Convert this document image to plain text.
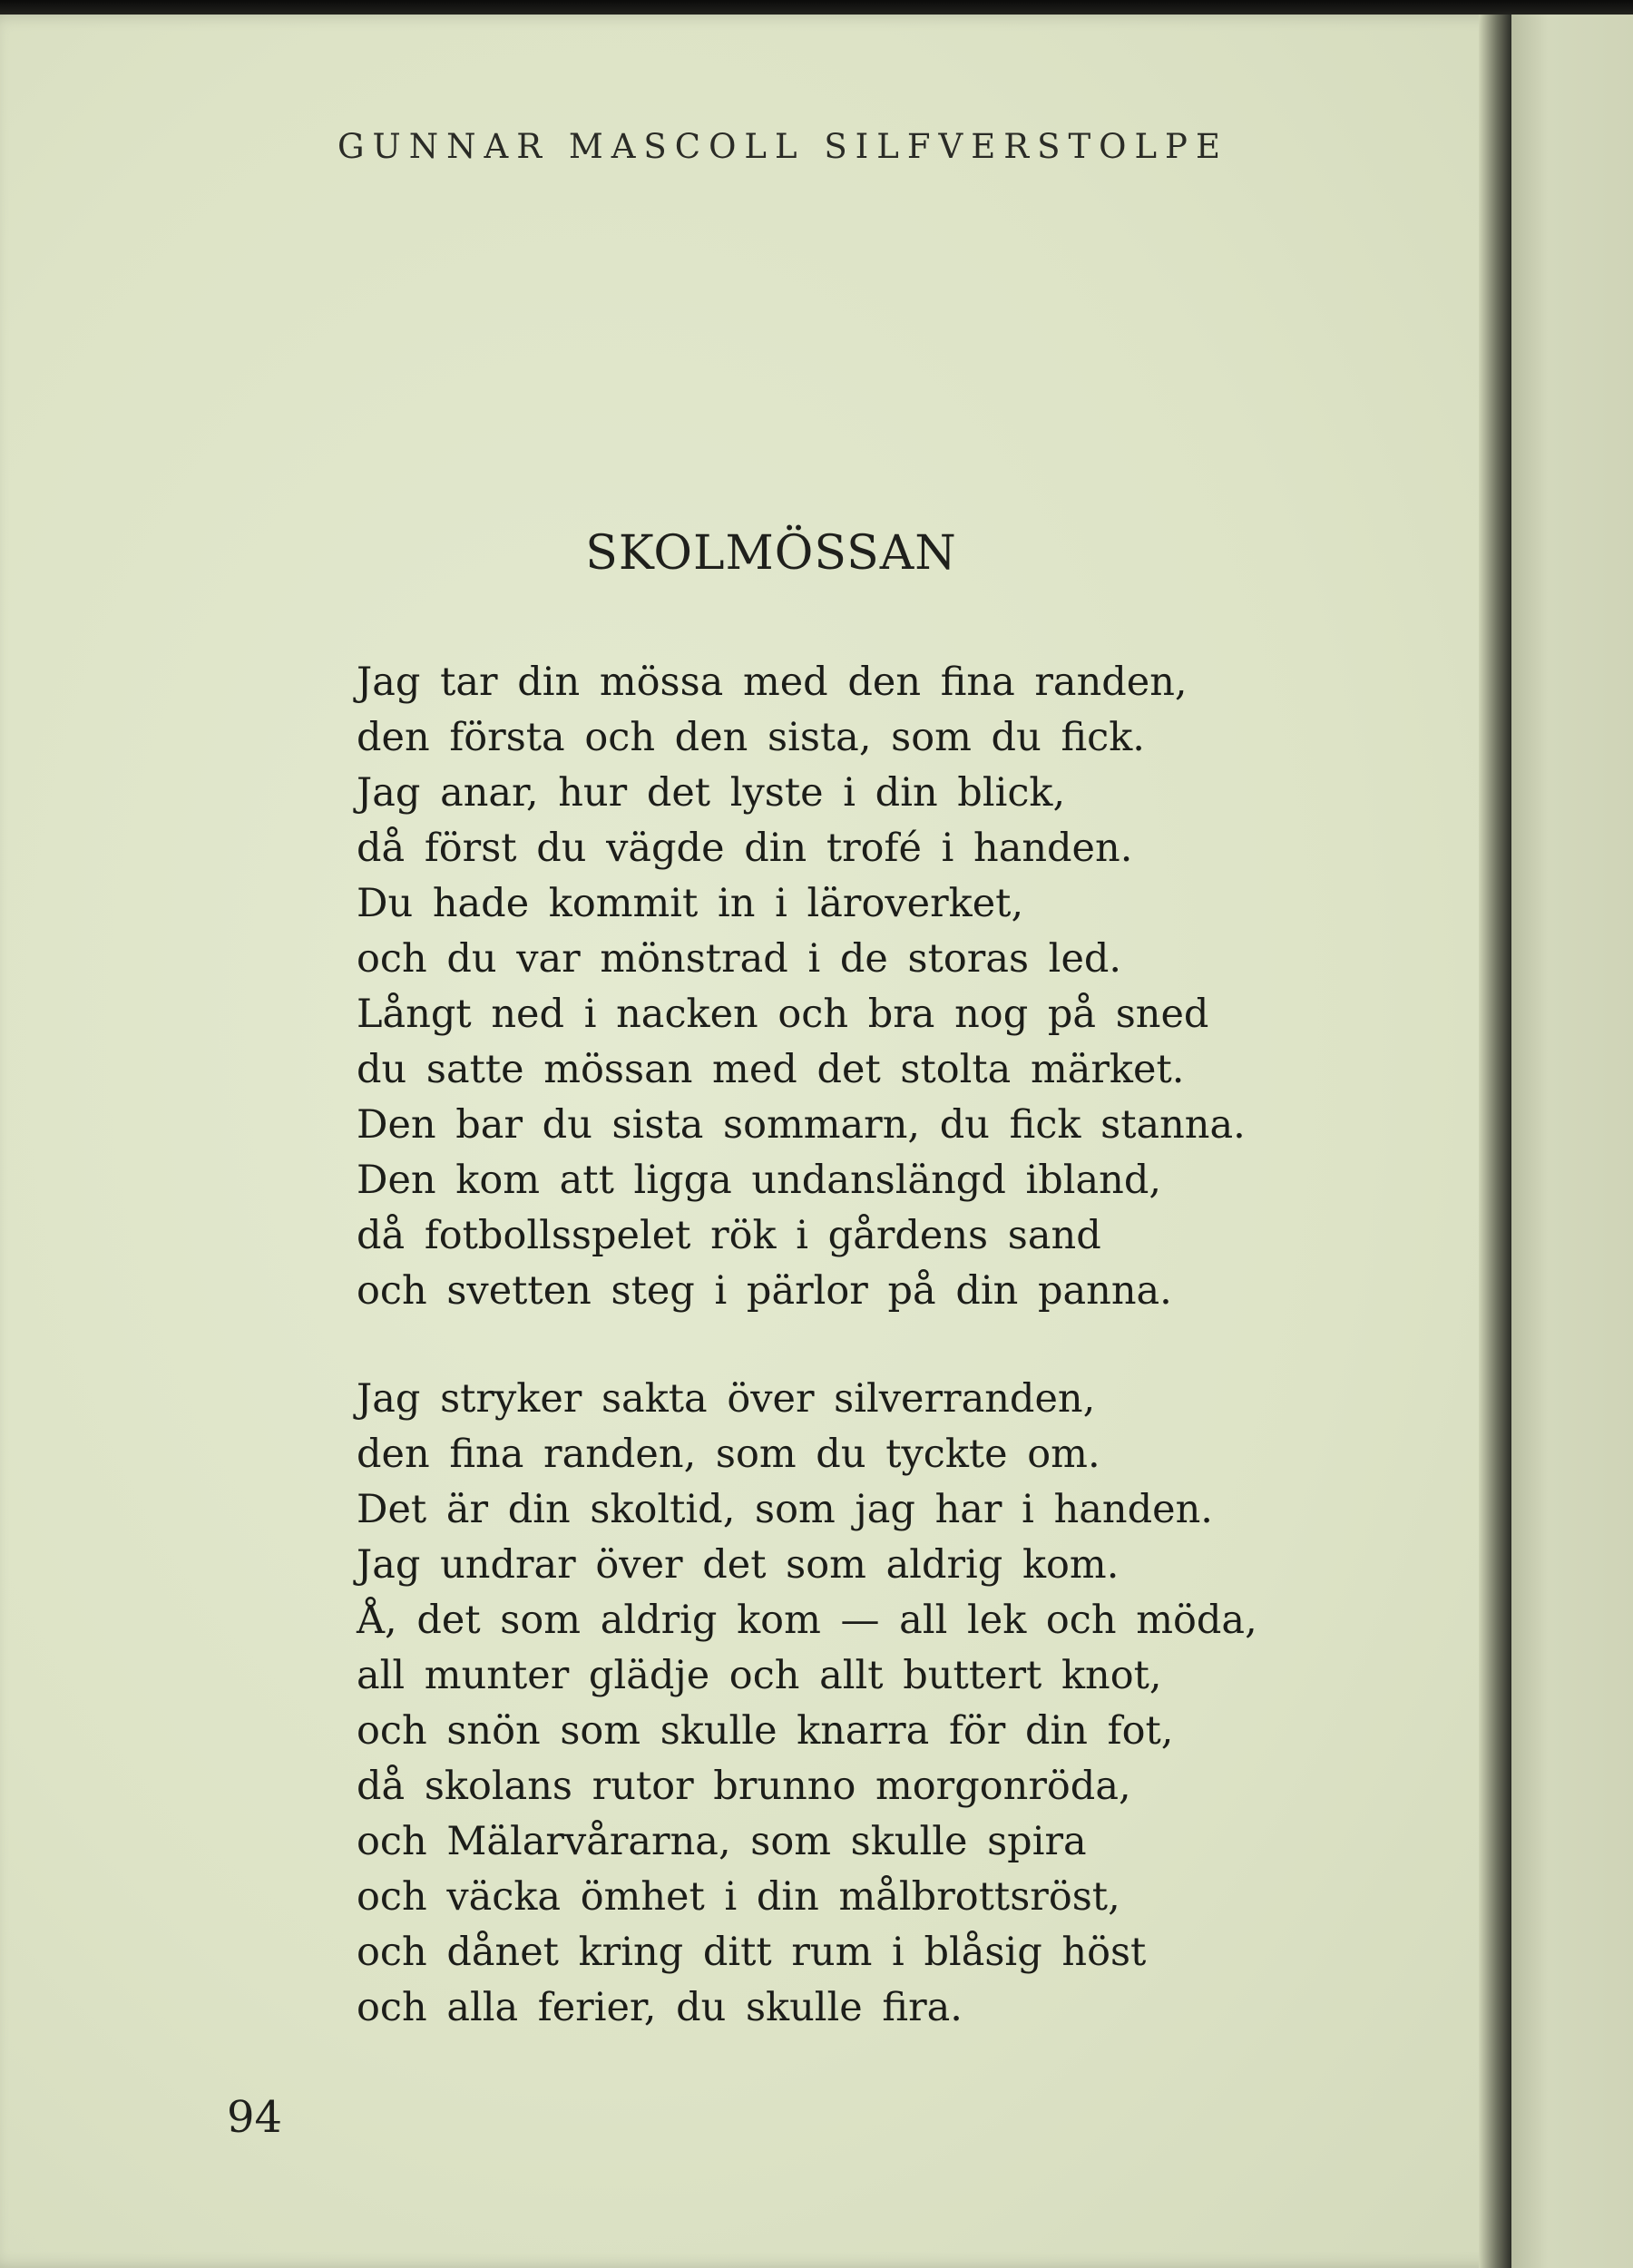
GUNNAR MASCOLL SILFVERSTOLPE
SKOLMÖSSAN
Jag tar din mössa med den fina randen,
den första och den sista, som du fick.
Jag anar, hur det lyste i din blick,
då först du vägde din trofé i handen.
Du hade kommit in i läroverket,
och du var mönstrad i de storas led.
Långt ned i nacken och bra nog på sned
du satte mössan med det stolta märket.
Den bar du sista sommarn, du fick stanna.
Den kom att ligga undanslängd ibland,
då fotbollsspelet rök i gårdens sand
och svetten steg i pärlor på din panna.
Jag stryker sakta över silverranden,
den fina randen, som du tyckte om.
Det är din skoltid, som jag har i handen.
Jag undrar över det som aldrig kom.
Å, det som aldrig kom — all lek och möda,
all munter glädje och allt buttert knot,
och snön som skulle knarra för din fot,
då skolans rutor brunno morgonröda,
och Mälarvårarna, som skulle spira
och väcka ömhet i din målbrottsröst,
och dånet kring ditt rum i blåsig höst
och alla ferier, du skulle fira.
94
